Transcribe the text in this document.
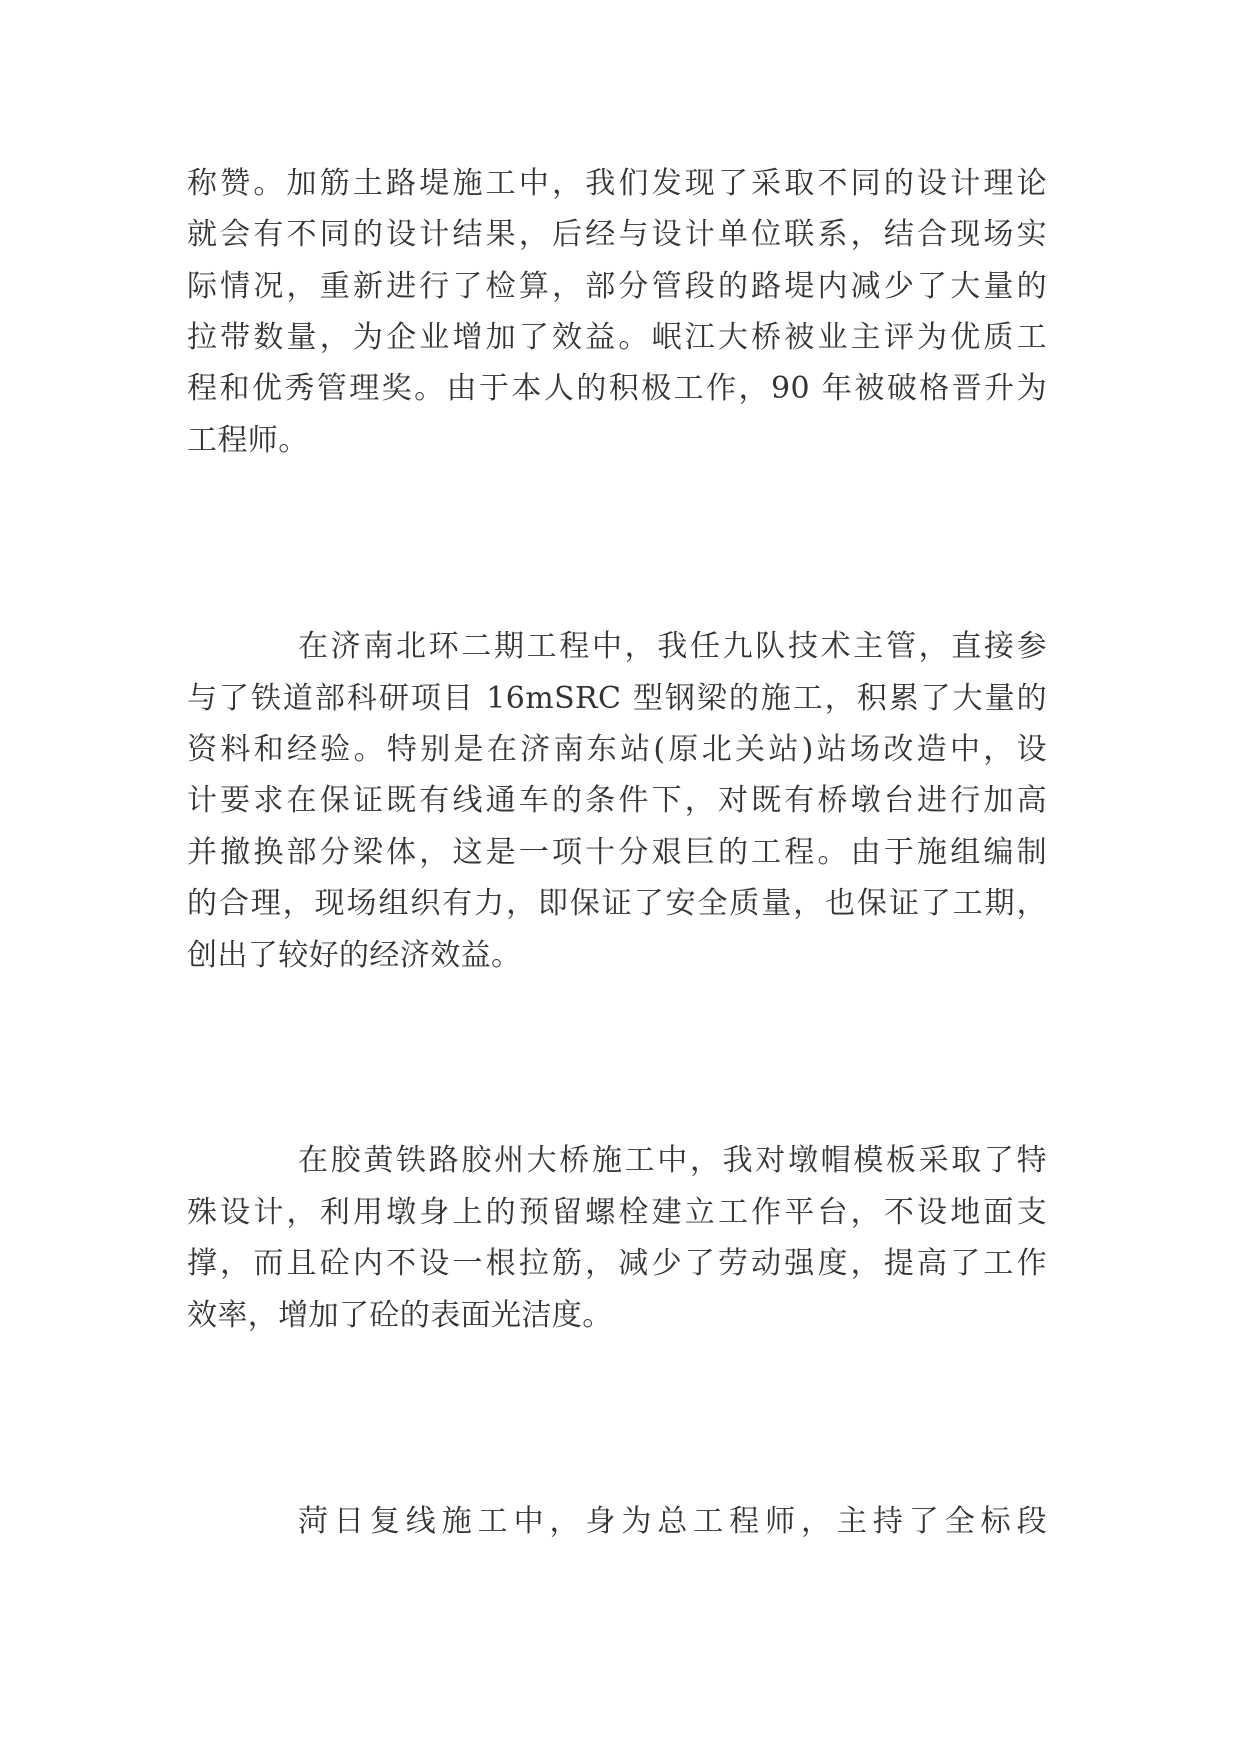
称赞。加筋土路堤施工中，我们发现了采取不同的设计理论
就会有不同的设计结果，后经与设计单位联系，结合现场实
际情况，重新进行了检算，部分管段的路堤内减少了大量的
拉带数量，为企业增加了效益。岷江大桥被业主评为优质工
程和优秀管理奖。由于本人的积极工作，90 年被破格晋升为
工程师。
在济南北环二期工程中，我任九队技术主管，直接参
与了铁道部科研项目 16mSRC 型钢梁的施工，积累了大量的
资料和经验。特别是在济南东站(原北关站)站场改造中，设
计要求在保证既有线通车的条件下，对既有桥墩台进行加高
并撤换部分梁体，这是一项十分艰巨的工程。由于施组编制
的合理，现场组织有力，即保证了安全质量，也保证了工期，
创出了较好的经济效益。
在胶黄铁路胶州大桥施工中，我对墩帽模板采取了特
殊设计，利用墩身上的预留螺栓建立工作平台，不设地面支
撑，而且砼内不设一根拉筋，减少了劳动强度，提高了工作
效率，增加了砼的表面光洁度。
菏日复线施工中，身为总工程师，主持了全标段
